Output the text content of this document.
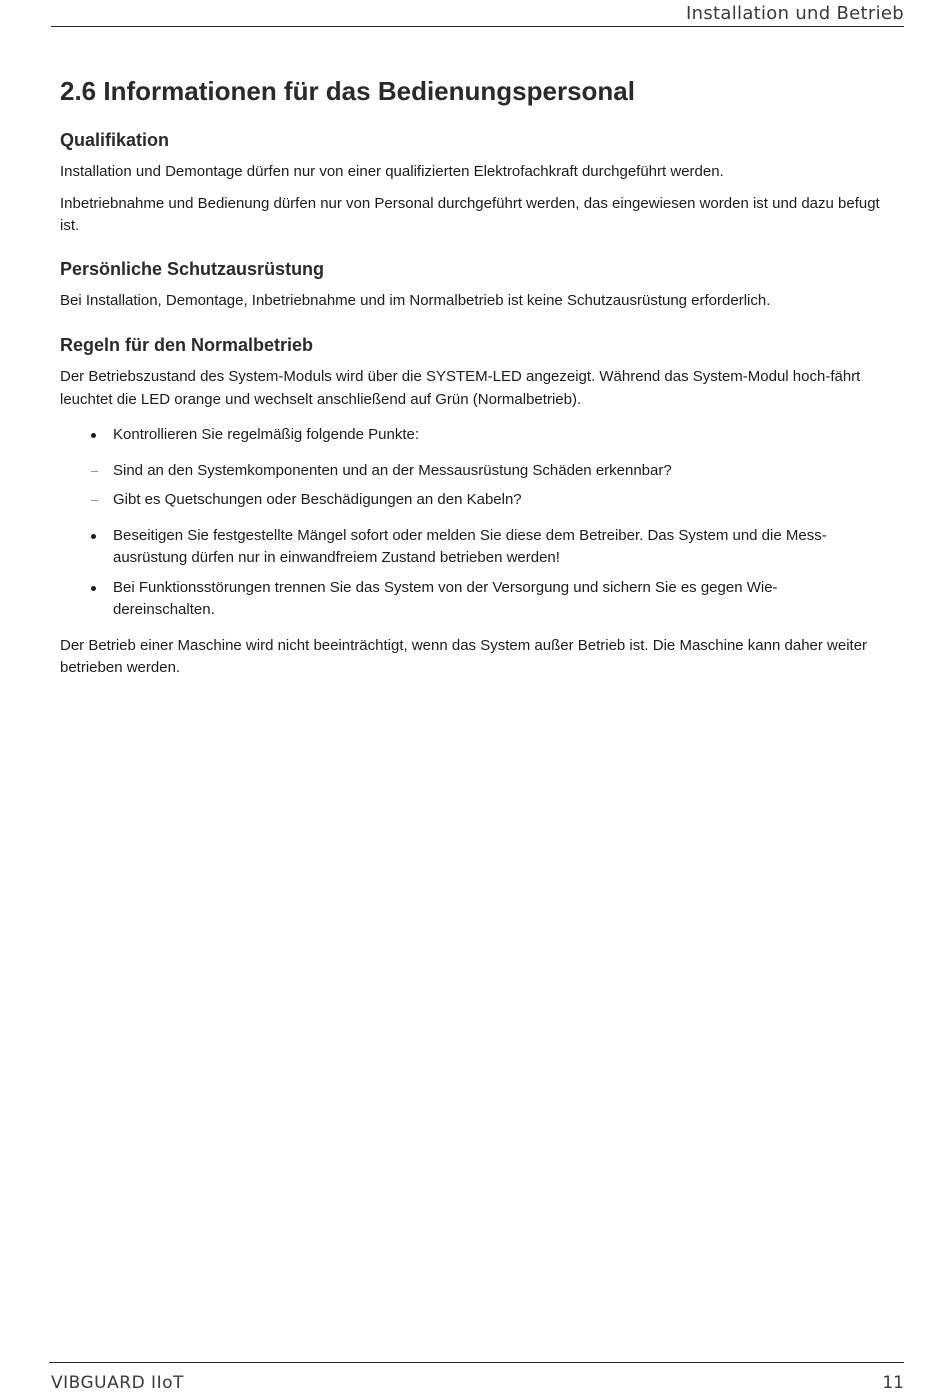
Installation und Betrieb
2.6 Informationen für das Bedienungspersonal
Qualifikation

Installation und Demontage dürfen nur von einer qualifizierten Elektrofachkraft durchgeführt werden.

Inbetriebnahme und Bedienung dürfen nur von Personal durchgeführt werden, das eingewiesen worden ist und dazu befugt ist.

Persönliche Schutzausrüstung

Bei Installation, Demontage, Inbetriebnahme und im Normalbetrieb ist keine Schutzausrüstung erforderlich.

Regeln für den Normalbetrieb

Der Betriebszustand des System-Moduls wird über die SYSTEM-LED angezeigt. Während das System-Modul hoch-fährt leuchtet die LED orange und wechselt anschließend auf Grün (Normalbetrieb).

Kontrollieren Sie regelmäßig folgende Punkte:
– Sind an den Systemkomponenten und an der Messausrüstung Schäden erkennbar?
– Gibt es Quetschungen oder Beschädigungen an den Kabeln?
Beseitigen Sie festgestellte Mängel sofort oder melden Sie diese dem Betreiber. Das System und die Mess-ausrüstung dürfen nur in einwandfreiem Zustand betrieben werden!
Bei Funktionsstörungen trennen Sie das System von der Versorgung und sichern Sie es gegen Wie-dereinschalten.

Der Betrieb einer Maschine wird nicht beeinträchtigt, wenn das System außer Betrieb ist. Die Maschine kann daher weiter betrieben werden.

VIBGUARD IIoT	11
